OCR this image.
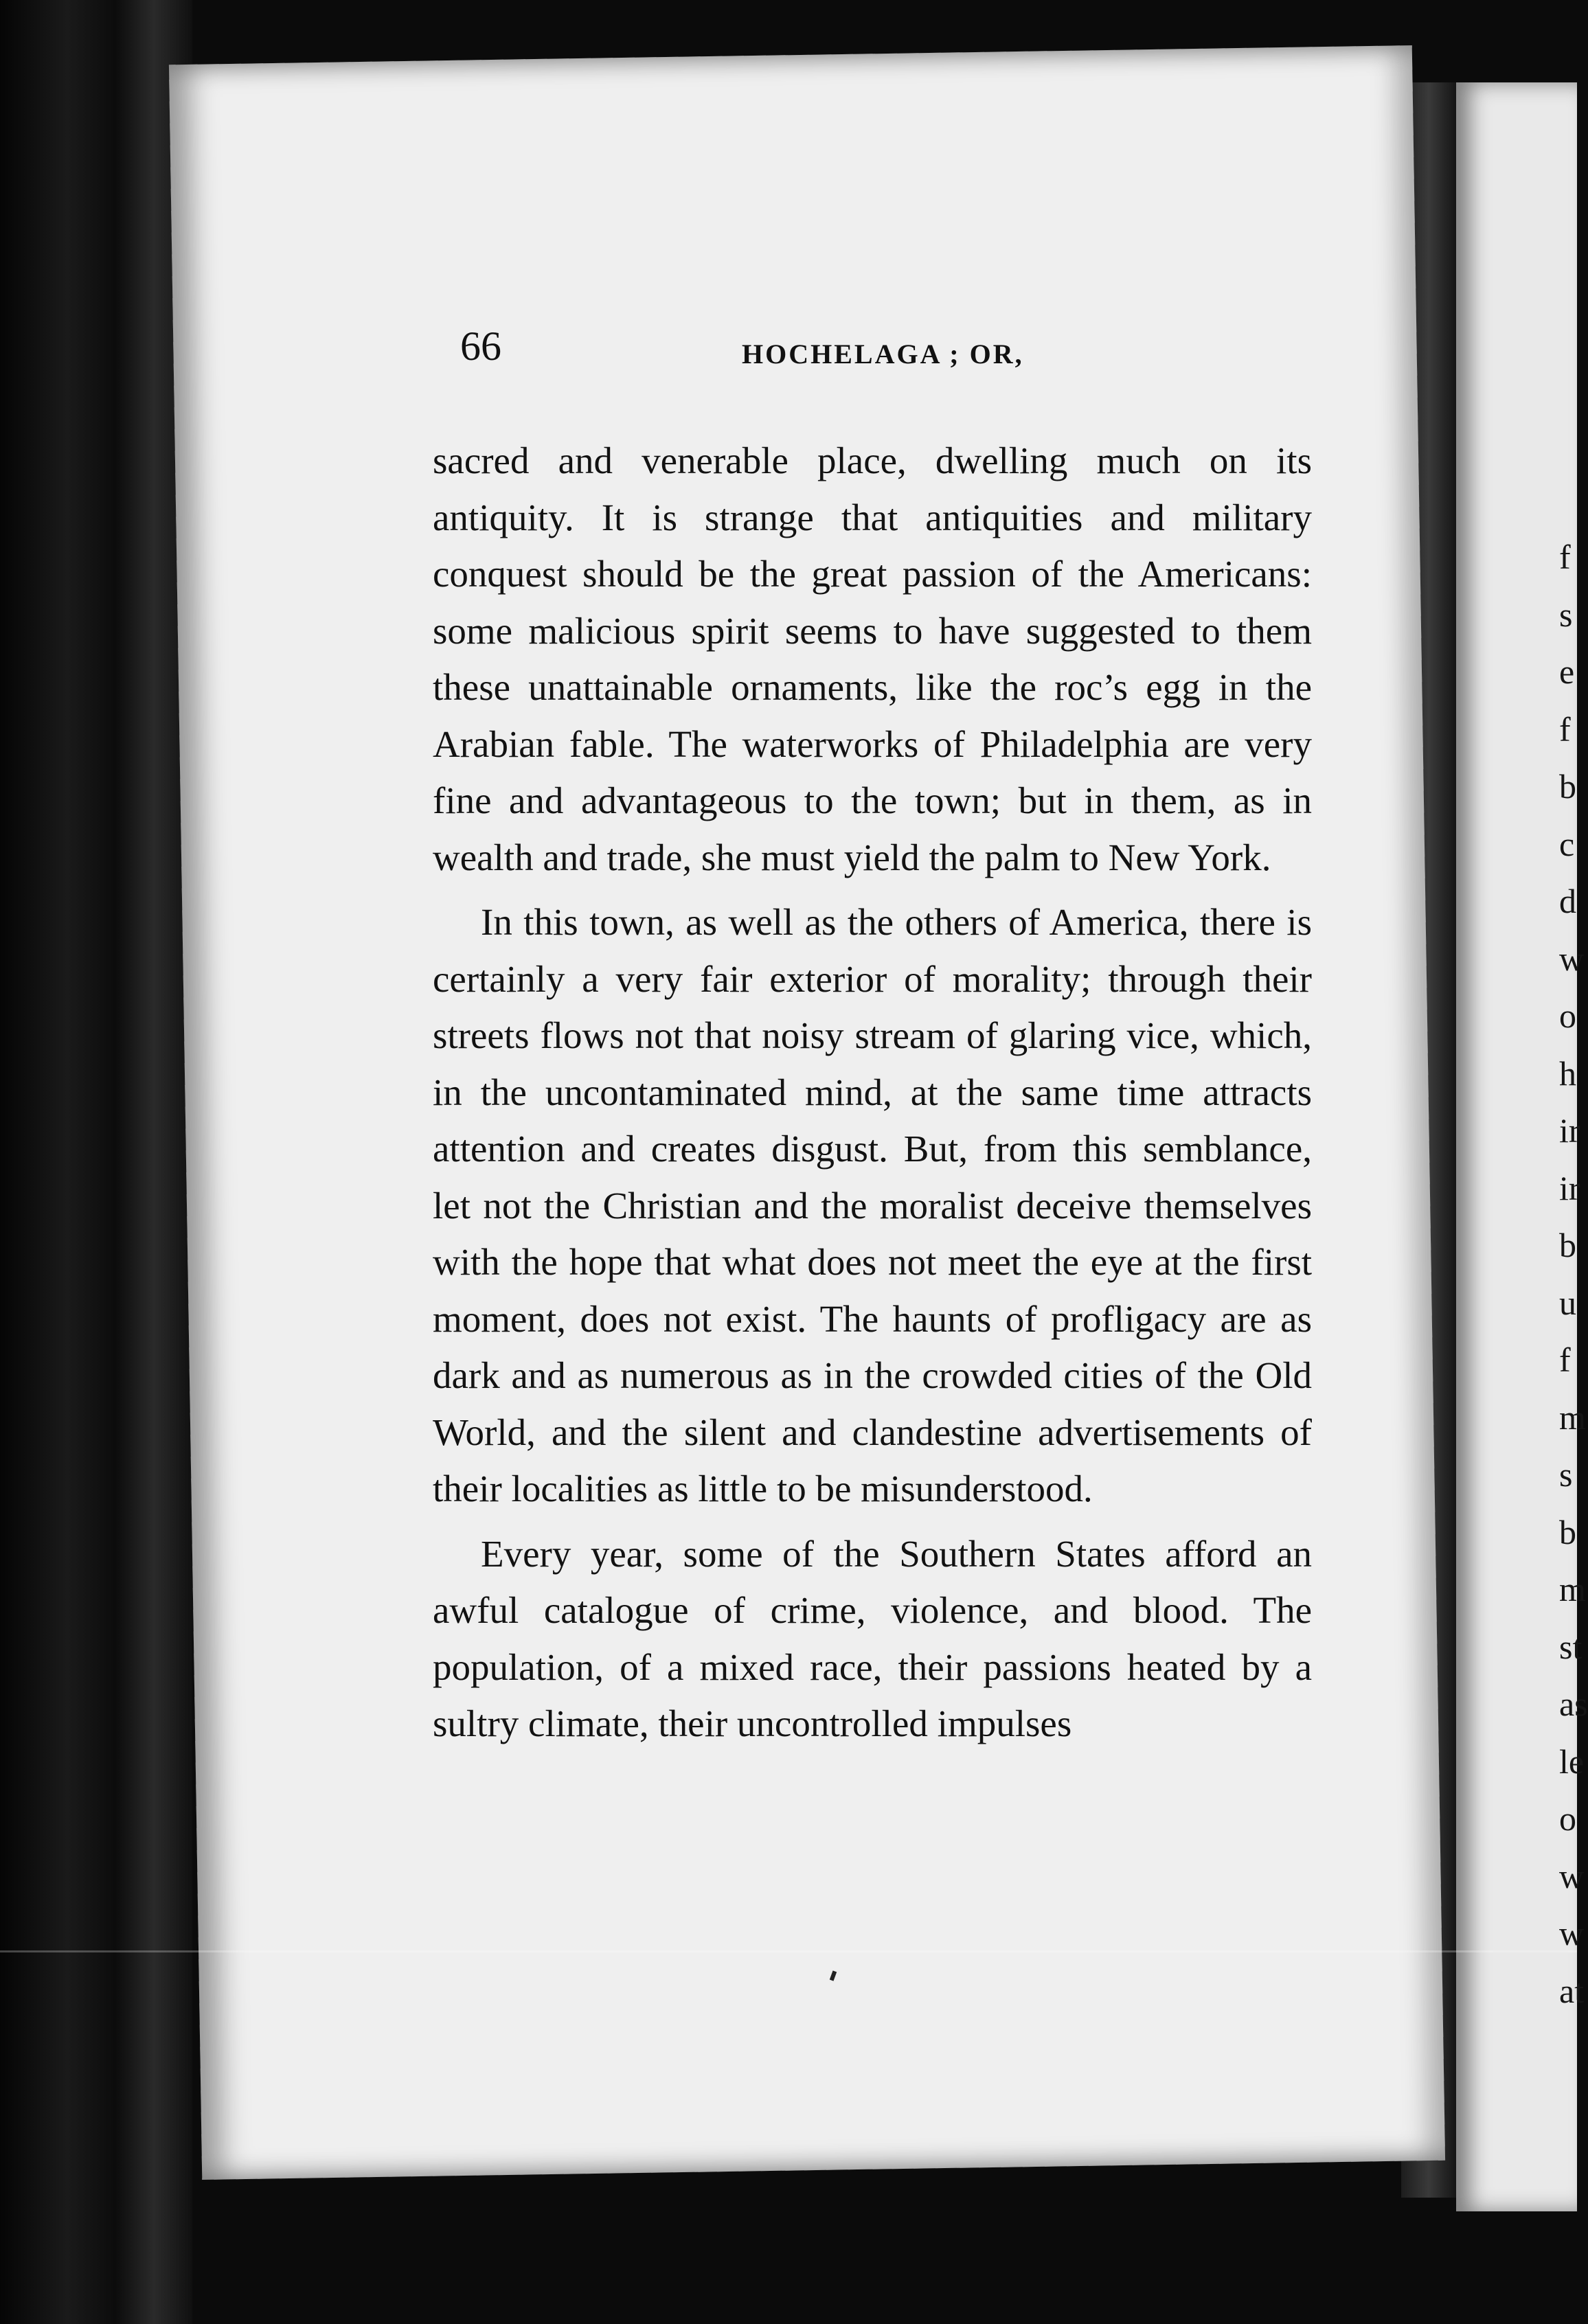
f
s
e
f
b
c
d
w
o
h
ir
ir
b
u
f
m
s
b
m
st
as
le
o
w
w
at
66	HOCHELAGA ; OR,

sacred and venerable place, dwelling much on its antiquity. It is strange that antiquities and military conquest should be the great passion of the Americans: some malicious spirit seems to have suggested to them these unattainable ornaments, like the roc’s egg in the Arabian fable. The waterworks of Philadelphia are very fine and advantageous to the town; but in them, as in wealth and trade, she must yield the palm to New York.

In this town, as well as the others of America, there is certainly a very fair exterior of morality; through their streets flows not that noisy stream of glaring vice, which, in the uncontaminated mind, at the same time attracts attention and creates disgust. But, from this semblance, let not the Christian and the moralist deceive themselves with the hope that what does not meet the eye at the first moment, does not exist. The haunts of profligacy are as dark and as numerous as in the crowded cities of the Old World, and the silent and clandestine advertisements of their localities as little to be misunderstood.

Every year, some of the Southern States afford an awful catalogue of crime, violence, and blood. The population, of a mixed race, their passions heated by a sultry climate, their uncontrolled impulses
